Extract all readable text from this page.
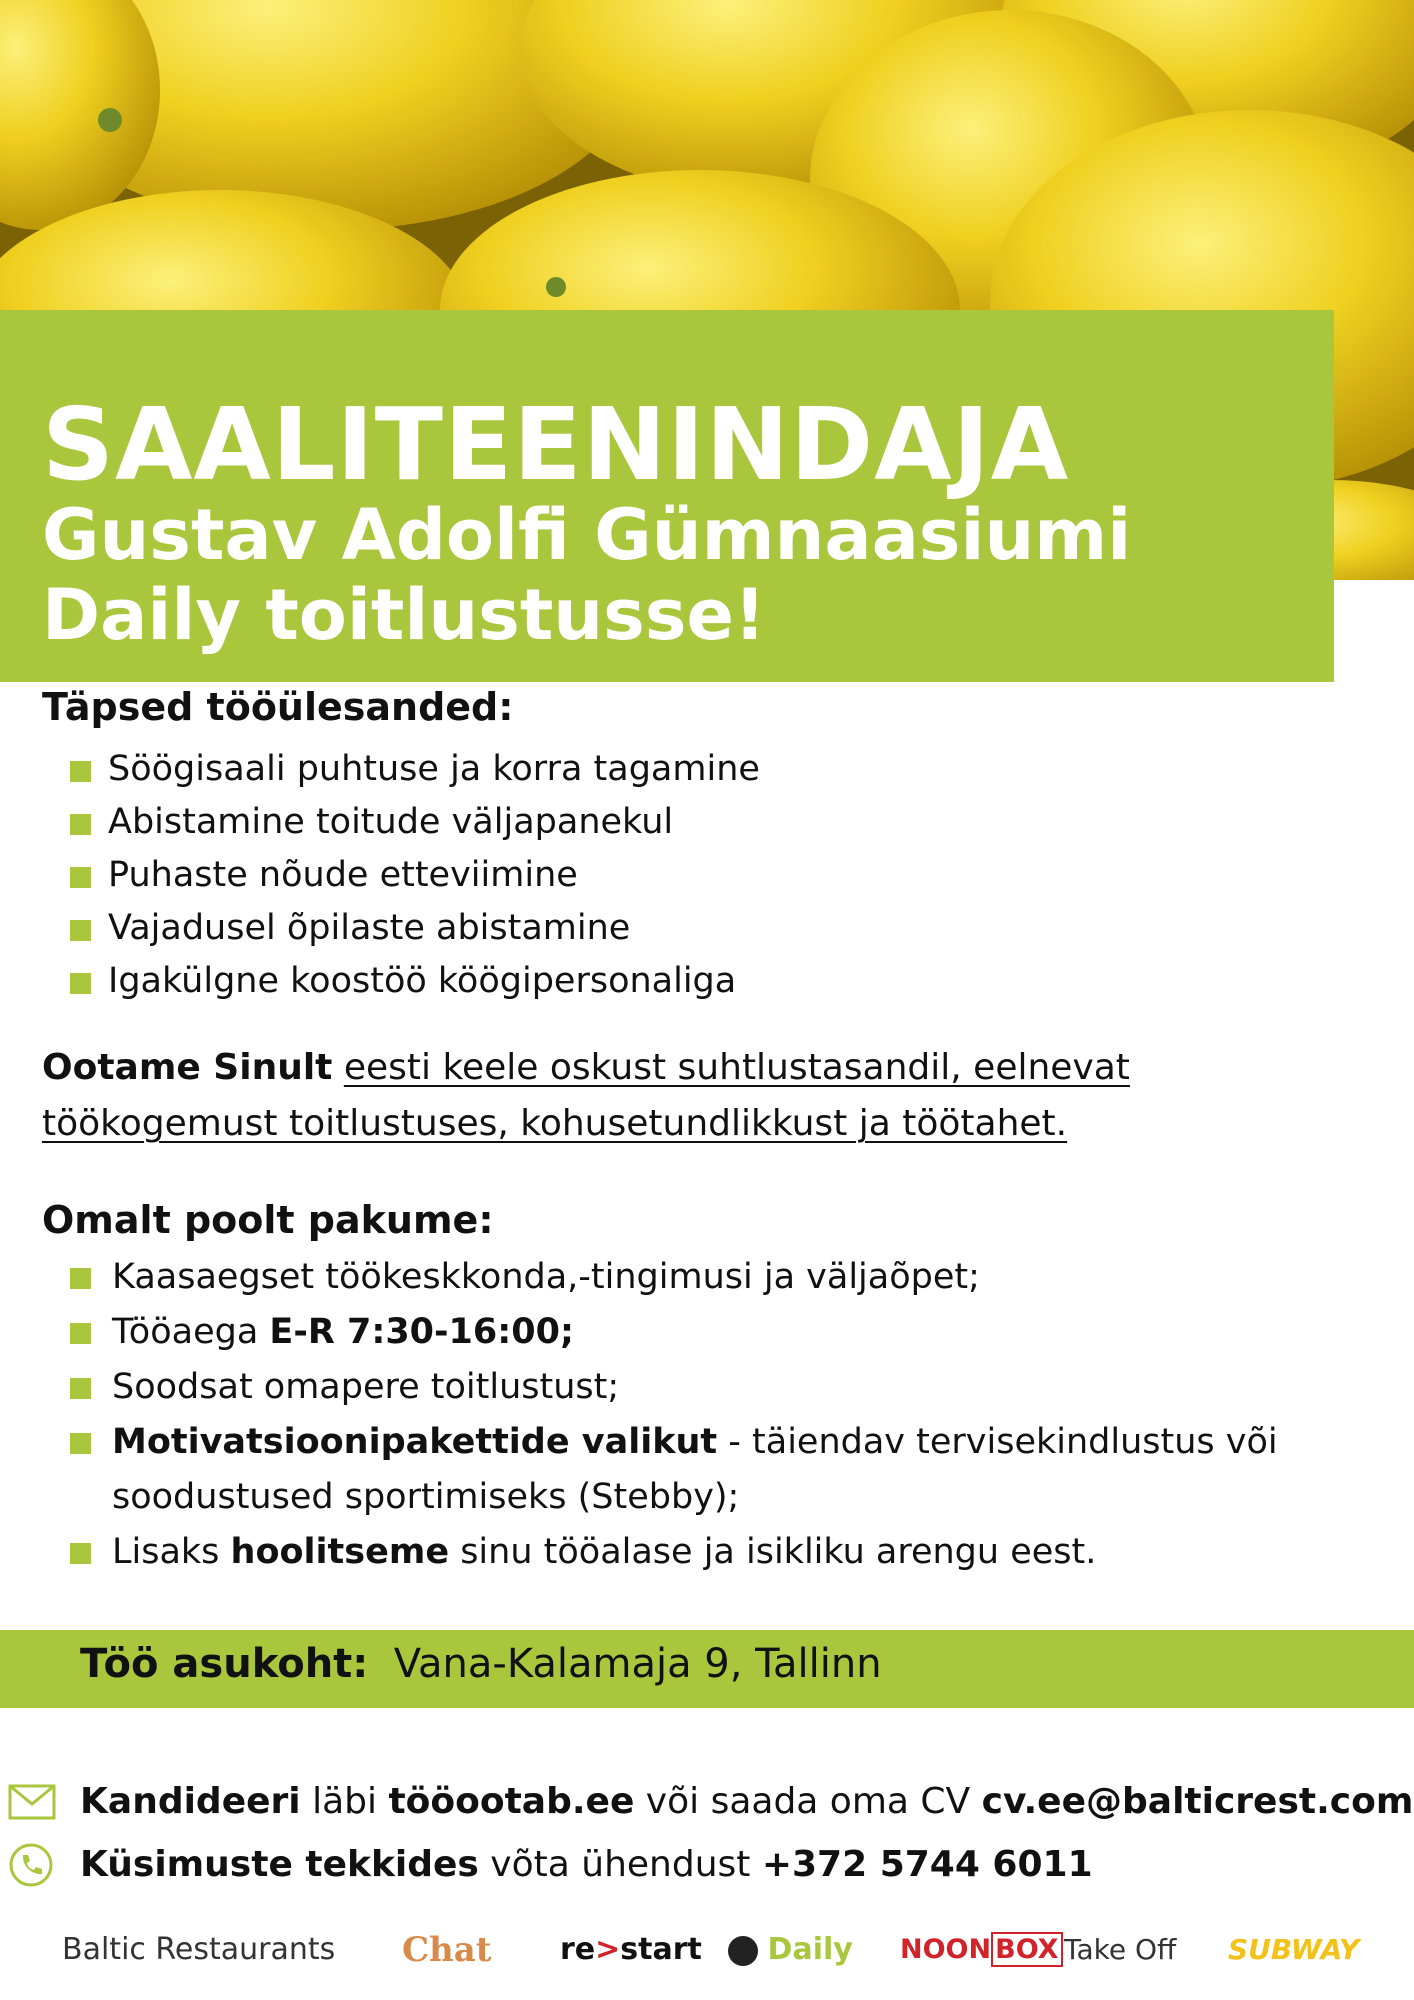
SAALITEENINDAJA
Gustav Adolfi Gümnaasiumi
Daily toitlustusse!
Täpsed tööülesanded:
Söögisaali puhtuse ja korra tagamine
Abistamine toitude väljapanekul
Puhaste nõude etteviimine
Vajadusel õpilaste abistamine
Igakülgne koostöö köögipersonaliga
Ootame Sinult eesti keele oskust suhtlustasandil, eelnevat
töökogemust toitlustuses, kohusetundlikkust ja töötahet.
Omalt poolt pakume:
Kaasaegset töökeskkonda,-tingimusi ja väljaõpet;
Tööaega E-R 7:30-16:00;
Soodsat omapere toitlustust;
Motivatsioonipakettide valikut - täiendav tervisekindlustus või soodustused sportimiseks (Stebby);
Lisaks hoolitseme sinu tööalase ja isikliku arengu eest.
Töö asukoht: Vana-Kalamaja 9, Tallinn
Kandideeri läbi tööootab.ee või saada oma CV cv.ee@balticrest.com
Küsimuste tekkides võta ühendust +372 5744 6011
Baltic Restaurants Chat re>start	Daily NOON BOX Take Off SUBWAY
